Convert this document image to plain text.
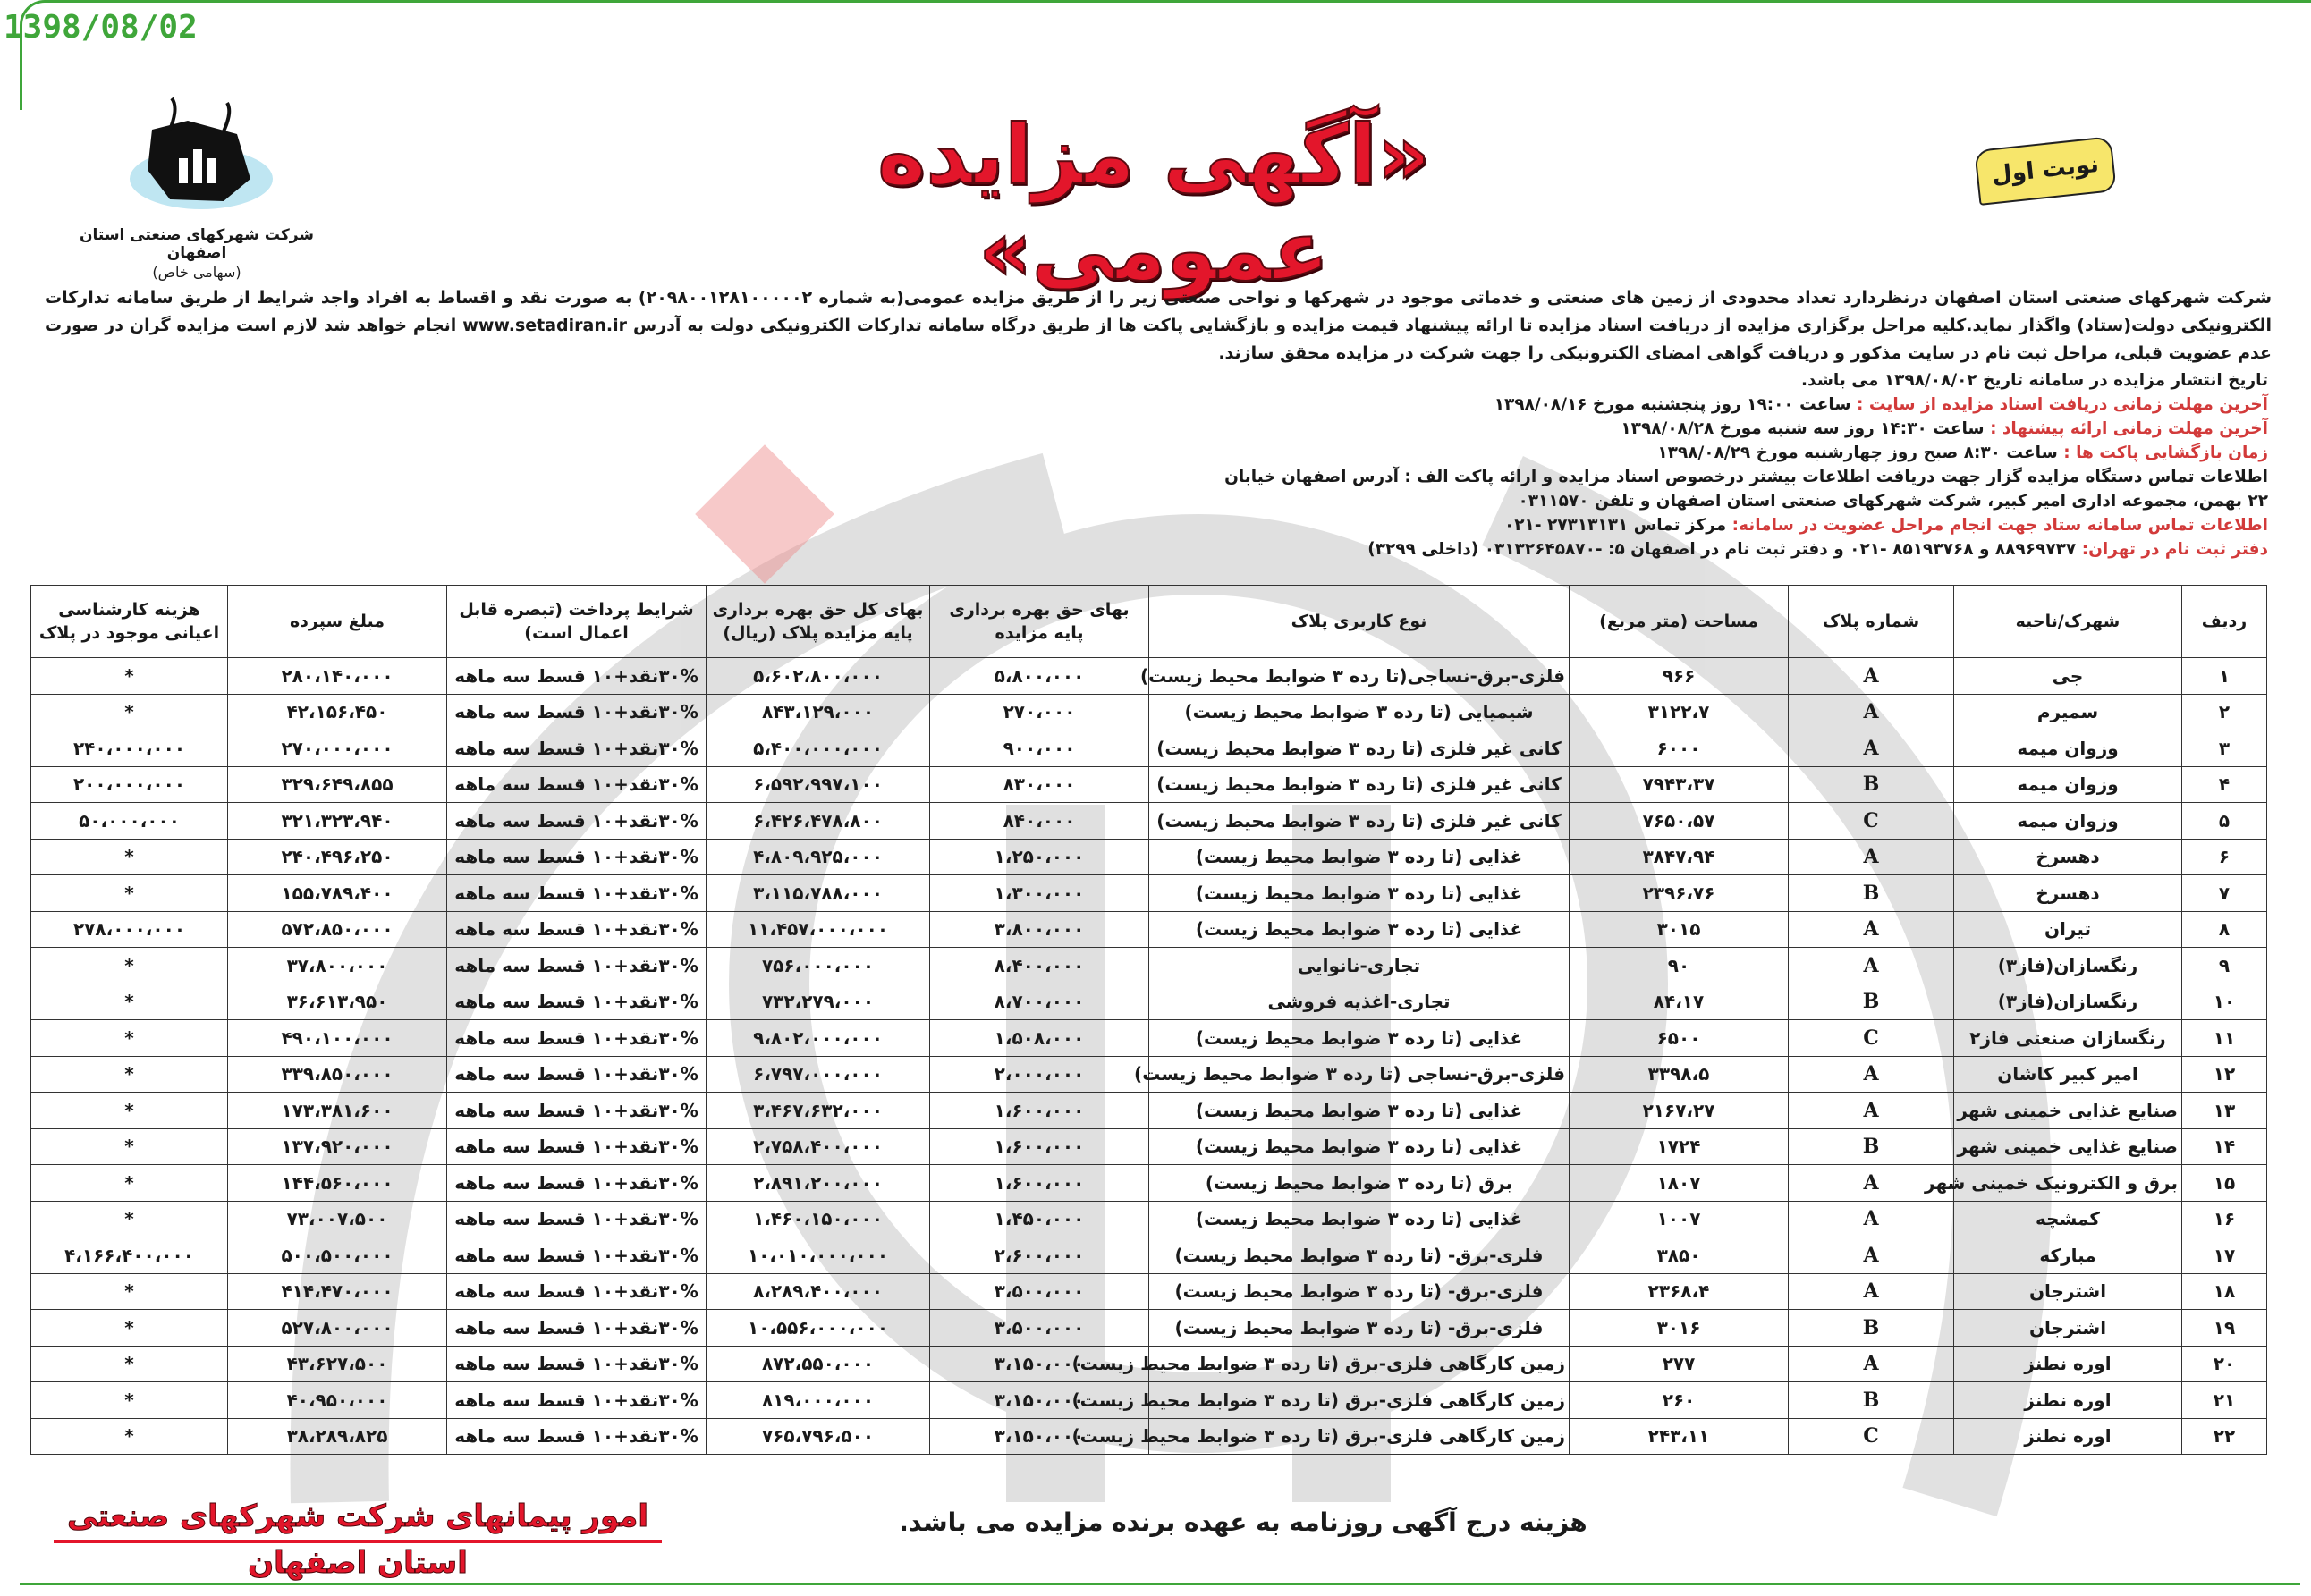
1398/08/02
شرکت شهرکهای صنعتی استان اصفهان
(سهامی خاص)
«آگهی مزایده عمومی»
نوبت اول
شرکت شهرکهای صنعتی استان اصفهان درنظردارد تعداد محدودی از زمین های صنعتی و خدماتی موجود در شهرکها و نواحی صنعتی زیر را از طریق مزایده عمومی(به شماره ۲۰۹۸۰۰۱۲۸۱۰۰۰۰۰۲) به صورت نقد و اقساط به افراد واجد شرایط از طریق سامانه تدارکات الکترونیکی دولت(ستاد) واگذار نماید.کلیه مراحل برگزاری مزایده از دریافت اسناد مزایده تا ارائه پیشنهاد قیمت مزایده و بازگشایی پاکت ها از طریق درگاه سامانه تدارکات الکترونیکی دولت به آدرس www.setadiran.ir انجام خواهد شد لازم است مزایده گران در صورت عدم عضویت قبلی، مراحل ثبت نام در سایت مذکور و دریافت گواهی امضای الکترونیکی را جهت شرکت در مزایده محقق سازند.
تاریخ انتشار مزایده در سامانه تاریخ ۱۳۹۸/۰۸/۰۲ می باشد.
آخرین مهلت زمانی دریافت اسناد مزایده از سایت : ساعت ۱۹:۰۰ روز پنجشنبه مورخ ۱۳۹۸/۰۸/۱۶
آخرین مهلت زمانی ارائه پیشنهاد : ساعت ۱۴:۳۰ روز سه شنبه مورخ ۱۳۹۸/۰۸/۲۸
زمان بازگشایی پاکت ها : ساعت ۸:۳۰ صبح روز چهارشنبه مورخ ۱۳۹۸/۰۸/۲۹
اطلاعات تماس دستگاه مزایده گزار جهت دریافت اطلاعات بیشتر درخصوص اسناد مزایده و ارائه پاکت الف : آدرس اصفهان خیابان
۲۲ بهمن، مجموعه اداری امیر کبیر، شرکت شهرکهای صنعتی استان اصفهان و تلفن ۰۳۱۱۵۷۰
اطلاعات تماس سامانه ستاد جهت انجام مراحل عضویت در سامانه: مرکز تماس ۲۷۳۱۳۱۳۱ -۰۲۱
دفتر ثبت نام در تهران: ۸۸۹۶۹۷۳۷ و ۸۵۱۹۳۷۶۸ -۰۲۱ و دفتر ثبت نام در اصفهان ۵: -۰۳۱۳۲۶۴۵۸۷۰ (داخلی ۳۲۹۹)
ردیف	شهرک/ناحیه	شماره پلاک	مساحت (متر مربع)	نوع کاربری پلاک	بهای حق بهره برداری پایه مزایده	بهای کل حق بهره برداری پایه مزایده پلاک (ریال)	شرایط پرداخت (تبصره قابل اعمال است)	مبلغ سپرده	هزینه کارشناسی اعیانی موجود در پلاک
۱	جی	A	۹۶۶	فلزی-برق-نساجی(تا رده ۳ ضوابط محیط زیست)	۵،۸۰۰،۰۰۰	۵،۶۰۲،۸۰۰،۰۰۰	۳۰%نقد+۱۰ قسط سه ماهه	۲۸۰،۱۴۰،۰۰۰	*
۲	سمیرم	A	۳۱۲۲،۷	شیمیایی (تا رده ۳ ضوابط محیط زیست)	۲۷۰،۰۰۰	۸۴۳،۱۲۹،۰۰۰	۳۰%نقد+۱۰ قسط سه ماهه	۴۲،۱۵۶،۴۵۰	*
۳	وزوان میمه	A	۶۰۰۰	کانی غیر فلزی (تا رده ۳ ضوابط محیط زیست)	۹۰۰،۰۰۰	۵،۴۰۰،۰۰۰،۰۰۰	۳۰%نقد+۱۰ قسط سه ماهه	۲۷۰،۰۰۰،۰۰۰	۲۴۰،۰۰۰،۰۰۰
۴	وزوان میمه	B	۷۹۴۳،۳۷	کانی غیر فلزی (تا رده ۳ ضوابط محیط زیست)	۸۳۰،۰۰۰	۶،۵۹۲،۹۹۷،۱۰۰	۳۰%نقد+۱۰ قسط سه ماهه	۳۲۹،۶۴۹،۸۵۵	۲۰۰،۰۰۰،۰۰۰
۵	وزوان میمه	C	۷۶۵۰،۵۷	کانی غیر فلزی (تا رده ۳ ضوابط محیط زیست)	۸۴۰،۰۰۰	۶،۴۲۶،۴۷۸،۸۰۰	۳۰%نقد+۱۰ قسط سه ماهه	۳۲۱،۳۲۳،۹۴۰	۵۰،۰۰۰،۰۰۰
۶	دهسرخ	A	۳۸۴۷،۹۴	غذایی (تا رده ۳ ضوابط محیط زیست)	۱،۲۵۰،۰۰۰	۴،۸۰۹،۹۲۵،۰۰۰	۳۰%نقد+۱۰ قسط سه ماهه	۲۴۰،۴۹۶،۲۵۰	*
۷	دهسرخ	B	۲۳۹۶،۷۶	غذایی (تا رده ۳ ضوابط محیط زیست)	۱،۳۰۰،۰۰۰	۳،۱۱۵،۷۸۸،۰۰۰	۳۰%نقد+۱۰ قسط سه ماهه	۱۵۵،۷۸۹،۴۰۰	*
۸	تیران	A	۳۰۱۵	غذایی (تا رده ۳ ضوابط محیط زیست)	۳،۸۰۰،۰۰۰	۱۱،۴۵۷،۰۰۰،۰۰۰	۳۰%نقد+۱۰ قسط سه ماهه	۵۷۲،۸۵۰،۰۰۰	۲۷۸،۰۰۰،۰۰۰
۹	رنگسازان(فاز۳)	A	۹۰	تجاری-نانوایی	۸،۴۰۰،۰۰۰	۷۵۶،۰۰۰،۰۰۰	۳۰%نقد+۱۰ قسط سه ماهه	۳۷،۸۰۰،۰۰۰	*
۱۰	رنگسازان(فاز۳)	B	۸۴،۱۷	تجاری-اغذیه فروشی	۸،۷۰۰،۰۰۰	۷۳۲،۲۷۹،۰۰۰	۳۰%نقد+۱۰ قسط سه ماهه	۳۶،۶۱۳،۹۵۰	*
۱۱	رنگسازان صنعتی فاز۲	C	۶۵۰۰	غذایی (تا رده ۳ ضوابط محیط زیست)	۱،۵۰۸،۰۰۰	۹،۸۰۲،۰۰۰،۰۰۰	۳۰%نقد+۱۰ قسط سه ماهه	۴۹۰،۱۰۰،۰۰۰	*
۱۲	امیر کبیر کاشان	A	۳۳۹۸،۵	فلزی-برق-نساجی (تا رده ۳ ضوابط محیط زیست)	۲،۰۰۰،۰۰۰	۶،۷۹۷،۰۰۰،۰۰۰	۳۰%نقد+۱۰ قسط سه ماهه	۳۳۹،۸۵۰،۰۰۰	*
۱۳	صنایع غذایی خمینی شهر	A	۲۱۶۷،۲۷	غذایی (تا رده ۳ ضوابط محیط زیست)	۱،۶۰۰،۰۰۰	۳،۴۶۷،۶۳۲،۰۰۰	۳۰%نقد+۱۰ قسط سه ماهه	۱۷۳،۳۸۱،۶۰۰	*
۱۴	صنایع غذایی خمینی شهر	B	۱۷۲۴	غذایی (تا رده ۳ ضوابط محیط زیست)	۱،۶۰۰،۰۰۰	۲،۷۵۸،۴۰۰،۰۰۰	۳۰%نقد+۱۰ قسط سه ماهه	۱۳۷،۹۲۰،۰۰۰	*
۱۵	برق و الکترونیک خمینی شهر	A	۱۸۰۷	برق (تا رده ۳ ضوابط محیط زیست)	۱،۶۰۰،۰۰۰	۲،۸۹۱،۲۰۰،۰۰۰	۳۰%نقد+۱۰ قسط سه ماهه	۱۴۴،۵۶۰،۰۰۰	*
۱۶	کمشچه	A	۱۰۰۷	غذایی (تا رده ۳ ضوابط محیط زیست)	۱،۴۵۰،۰۰۰	۱،۴۶۰،۱۵۰،۰۰۰	۳۰%نقد+۱۰ قسط سه ماهه	۷۳،۰۰۷،۵۰۰	*
۱۷	مبارکه	A	۳۸۵۰	فلزی-برق- (تا رده ۳ ضوابط محیط زیست)	۲،۶۰۰،۰۰۰	۱۰،۰۱۰،۰۰۰،۰۰۰	۳۰%نقد+۱۰ قسط سه ماهه	۵۰۰،۵۰۰،۰۰۰	۴،۱۶۶،۴۰۰،۰۰۰
۱۸	اشترجان	A	۲۳۶۸،۴	فلزی-برق- (تا رده ۳ ضوابط محیط زیست)	۳،۵۰۰،۰۰۰	۸،۲۸۹،۴۰۰،۰۰۰	۳۰%نقد+۱۰ قسط سه ماهه	۴۱۴،۴۷۰،۰۰۰	*
۱۹	اشترجان	B	۳۰۱۶	فلزی-برق- (تا رده ۳ ضوابط محیط زیست)	۳،۵۰۰،۰۰۰	۱۰،۵۵۶،۰۰۰،۰۰۰	۳۰%نقد+۱۰ قسط سه ماهه	۵۲۷،۸۰۰،۰۰۰	*
۲۰	اوره نطنز	A	۲۷۷	زمین کارگاهی فلزی-برق (تا رده ۳ ضوابط محیط زیست)	۳،۱۵۰،۰۰۰	۸۷۲،۵۵۰،۰۰۰	۳۰%نقد+۱۰ قسط سه ماهه	۴۳،۶۲۷،۵۰۰	*
۲۱	اوره نطنز	B	۲۶۰	زمین کارگاهی فلزی-برق (تا رده ۳ ضوابط محیط زیست)	۳،۱۵۰،۰۰۰	۸۱۹،۰۰۰،۰۰۰	۳۰%نقد+۱۰ قسط سه ماهه	۴۰،۹۵۰،۰۰۰	*
۲۲	اوره نطنز	C	۲۴۳،۱۱	زمین کارگاهی فلزی-برق (تا رده ۳ ضوابط محیط زیست)	۳،۱۵۰،۰۰۰	۷۶۵،۷۹۶،۵۰۰	۳۰%نقد+۱۰ قسط سه ماهه	۳۸،۲۸۹،۸۲۵	*
امور پیمانهای شرکت شهرکهای صنعتی استان اصفهان
هزینه درج آگهی روزنامه به عهده برنده مزایده می باشد.
